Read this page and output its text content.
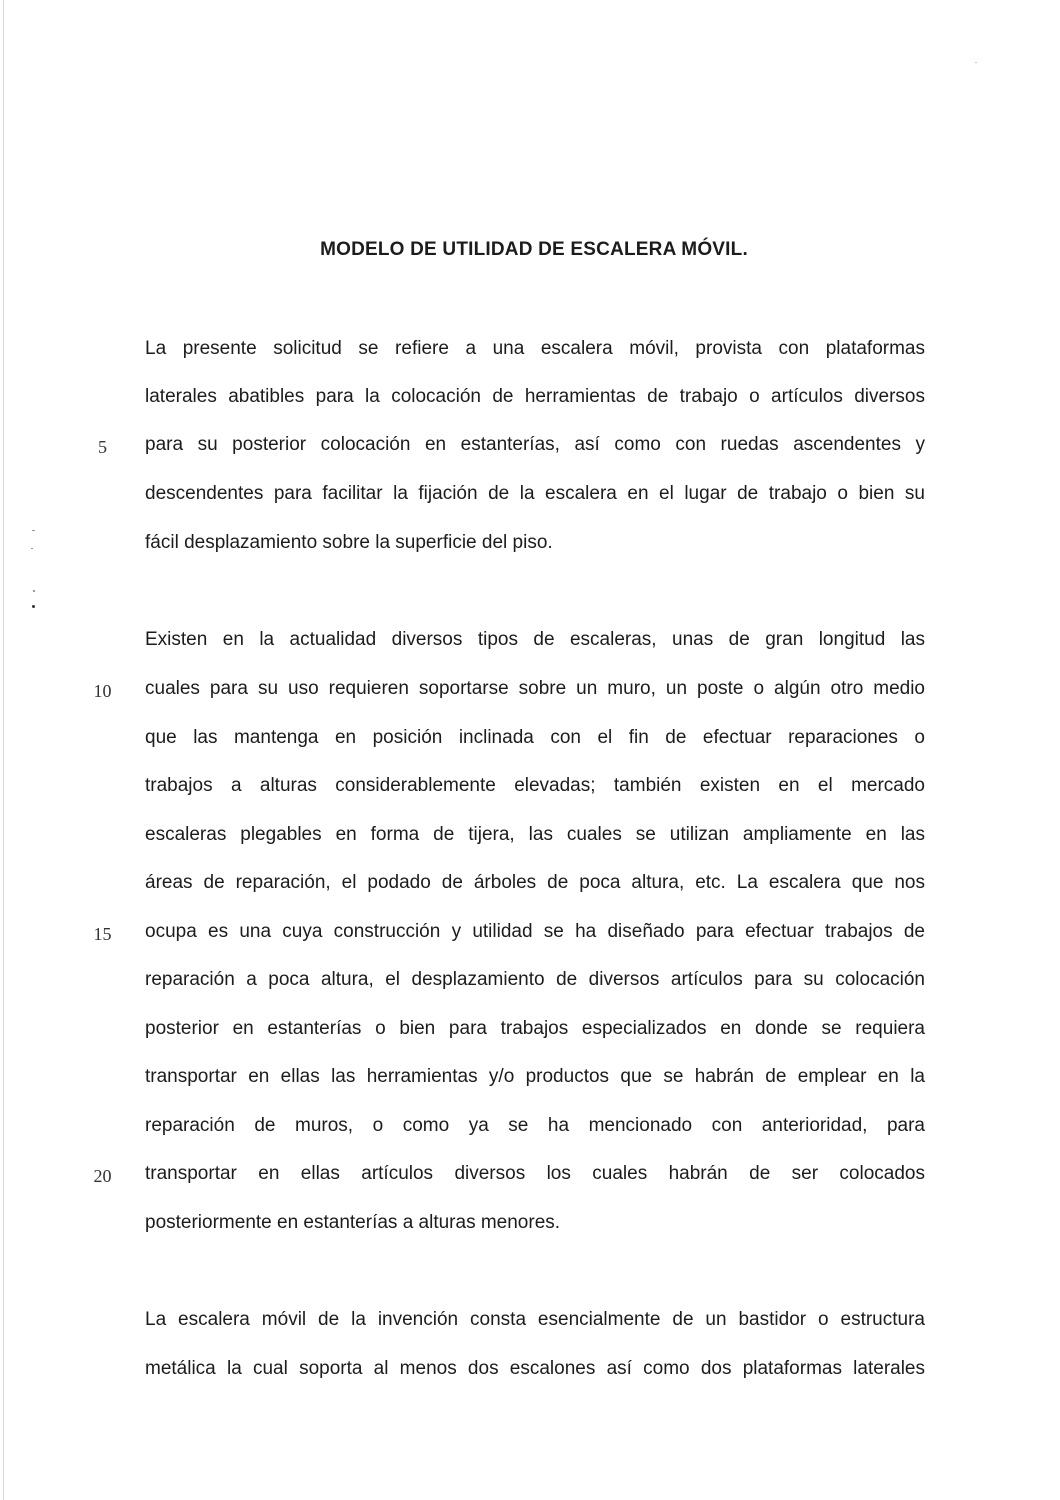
MODELO DE UTILIDAD DE ESCALERA MÓVIL.
La presente solicitud se refiere a una escalera móvil, provista con plataformas
laterales abatibles para la colocación de herramientas de trabajo o artículos diversos
para su posterior colocación en estanterías, así como con ruedas ascendentes y
descendentes para facilitar la fijación de la escalera en el lugar de trabajo o bien su
fácil desplazamiento sobre la superficie del piso.
Existen en la actualidad diversos tipos de escaleras, unas de gran longitud las
cuales para su uso requieren soportarse sobre un muro, un poste o algún otro medio
que las mantenga en posición inclinada con el fin de efectuar reparaciones o
trabajos a alturas considerablemente elevadas; también existen en el mercado
escaleras plegables en forma de tijera, las cuales se utilizan ampliamente en las
áreas de reparación, el podado de árboles de poca altura, etc. La escalera que nos
ocupa es una cuya construcción y utilidad se ha diseñado para efectuar trabajos de
reparación a poca altura, el desplazamiento de diversos artículos para su colocación
posterior en estanterías o bien para trabajos especializados en donde se requiera
transportar en ellas las herramientas y/o productos que se habrán de emplear en la
reparación de muros, o como ya se ha mencionado con anterioridad, para
transportar en ellas artículos diversos los cuales habrán de ser colocados
posteriormente en estanterías a alturas menores.
La escalera móvil de la invención consta esencialmente de un bastidor o estructura
metálica la cual soporta al menos dos escalones así como dos plataformas laterales
5
10
15
20
